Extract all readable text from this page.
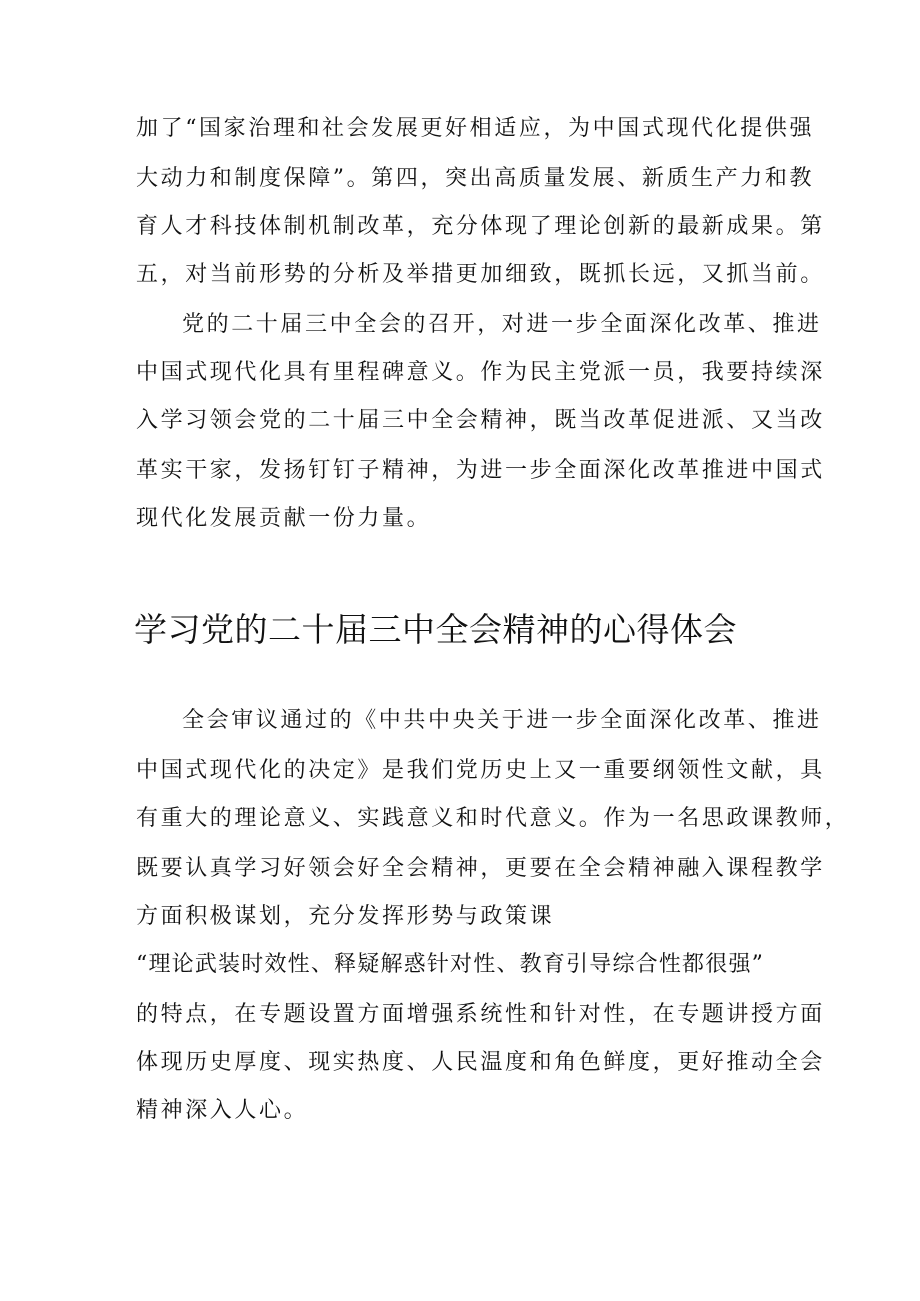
加了“国家治理和社会发展更好相适应，为中国式现代化提供强
大动力和制度保障”。第四，突出高质量发展、新质生产力和教
育人才科技体制机制改革，充分体现了理论创新的最新成果。第
五，对当前形势的分析及举措更加细致，既抓长远，又抓当前。
党的二十届三中全会的召开，对进一步全面深化改革、推进
中国式现代化具有里程碑意义。作为民主党派一员，我要持续深
入学习领会党的二十届三中全会精神，既当改革促进派、又当改
革实干家，发扬钉钉子精神，为进一步全面深化改革推进中国式
现代化发展贡献一份力量。
学习党的二十届三中全会精神的心得体会
全会审议通过的《中共中央关于进一步全面深化改革、推进
中国式现代化的决定》是我们党历史上又一重要纲领性文献，具
有重大的理论意义、实践意义和时代意义。作为一名思政课教师，
既要认真学习好领会好全会精神，更要在全会精神融入课程教学
方面积极谋划，充分发挥形势与政策课
“理论武装时效性、释疑解惑针对性、教育引导综合性都很强”
的特点，在专题设置方面增强系统性和针对性，在专题讲授方面
体现历史厚度、现实热度、人民温度和角色鲜度，更好推动全会
精神深入人心。
